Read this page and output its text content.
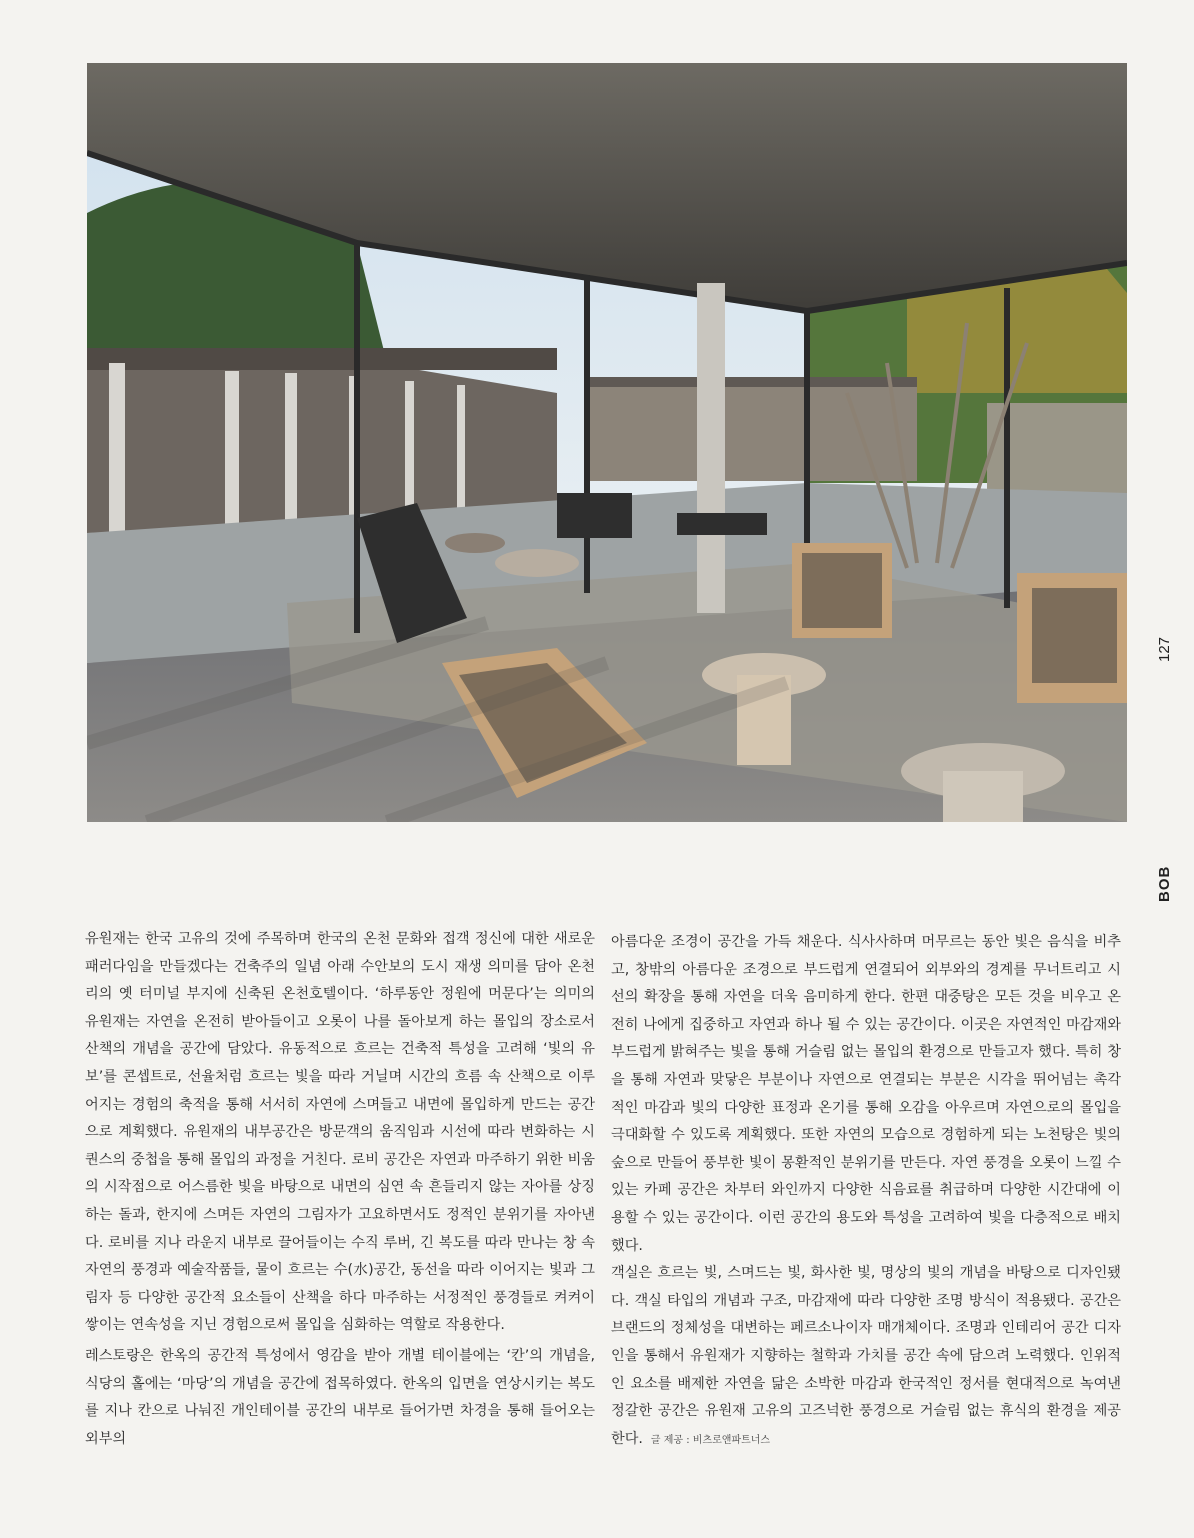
127
BOB

유원재는 한국 고유의 것에 주목하며 한국의 온천 문화와 접객 정신에 대한 새로운 패러다임을 만들겠다는 건축주의 일념 아래 수안보의 도시 재생 의미를 담아 온천리의 옛 터미널 부지에 신축된 온천호텔이다. ‘하루동안 정원에 머문다’는 의미의 유원재는 자연을 온전히 받아들이고 오롯이 나를 돌아보게 하는 몰입의 장소로서 산책의 개념을 공간에 담았다. 유동적으로 흐르는 건축적 특성을 고려해 ‘빛의 유보’를 콘셉트로, 선율처럼 흐르는 빛을 따라 거닐며 시간의 흐름 속 산책으로 이루어지는 경험의 축적을 통해 서서히 자연에 스며들고 내면에 몰입하게 만드는 공간으로 계획했다. 유원재의 내부공간은 방문객의 움직임과 시선에 따라 변화하는 시퀀스의 중첩을 통해 몰입의 과정을 거친다. 로비 공간은 자연과 마주하기 위한 비움의 시작점으로 어스름한 빛을 바탕으로 내면의 심연 속 흔들리지 않는 자아를 상징하는 돌과, 한지에 스며든 자연의 그림자가 고요하면서도 정적인 분위기를 자아낸다. 로비를 지나 라운지 내부로 끌어들이는 수직 루버, 긴 복도를 따라 만나는 창 속 자연의 풍경과 예술작품들, 물이 흐르는 수(水)공간, 동선을 따라 이어지는 빛과 그림자 등 다양한 공간적 요소들이 산책을 하다 마주하는 서정적인 풍경들로 켜켜이 쌓이는 연속성을 지닌 경험으로써 몰입을 심화하는 역할로 작용한다.

레스토랑은 한옥의 공간적 특성에서 영감을 받아 개별 테이블에는 ‘칸’의 개념을, 식당의 홀에는 ‘마당’의 개념을 공간에 접목하였다. 한옥의 입면을 연상시키는 복도를 지나 칸으로 나눠진 개인테이블 공간의 내부로 들어가면 차경을 통해 들어오는 외부의

아름다운 조경이 공간을 가득 채운다. 식사사하며 머무르는 동안 빛은 음식을 비추고, 창밖의 아름다운 조경으로 부드럽게 연결되어 외부와의 경계를 무너트리고 시선의 확장을 통해 자연을 더욱 음미하게 한다. 한편 대중탕은 모든 것을 비우고 온전히 나에게 집중하고 자연과 하나 될 수 있는 공간이다. 이곳은 자연적인 마감재와 부드럽게 밝혀주는 빛을 통해 거슬림 없는 몰입의 환경으로 만들고자 했다. 특히 창을 통해 자연과 맞닿은 부분이나 자연으로 연결되는 부분은 시각을 뛰어넘는 촉각적인 마감과 빛의 다양한 표정과 온기를 통해 오감을 아우르며 자연으로의 몰입을 극대화할 수 있도록 계획했다. 또한 자연의 모습으로 경험하게 되는 노천탕은 빛의 숲으로 만들어 풍부한 빛이 몽환적인 분위기를 만든다. 자연 풍경을 오롯이 느낄 수 있는 카페 공간은 차부터 와인까지 다양한 식음료를 취급하며 다양한 시간대에 이용할 수 있는 공간이다. 이런 공간의 용도와 특성을 고려하여 빛을 다층적으로 배치했다.

객실은 흐르는 빛, 스며드는 빛, 화사한 빛, 명상의 빛의 개념을 바탕으로 디자인됐다. 객실 타입의 개념과 구조, 마감재에 따라 다양한 조명 방식이 적용됐다. 공간은 브랜드의 정체성을 대변하는 페르소나이자 매개체이다. 조명과 인테리어 공간 디자인을 통해서 유원재가 지향하는 철학과 가치를 공간 속에 담으려 노력했다. 인위적인 요소를 배제한 자연을 닮은 소박한 마감과 한국적인 정서를 현대적으로 녹여낸 정갈한 공간은 유원재 고유의 고즈넉한 풍경으로 거슬림 없는 휴식의 환경을 제공한다. 글 제공 : 비츠로앤파트너스
